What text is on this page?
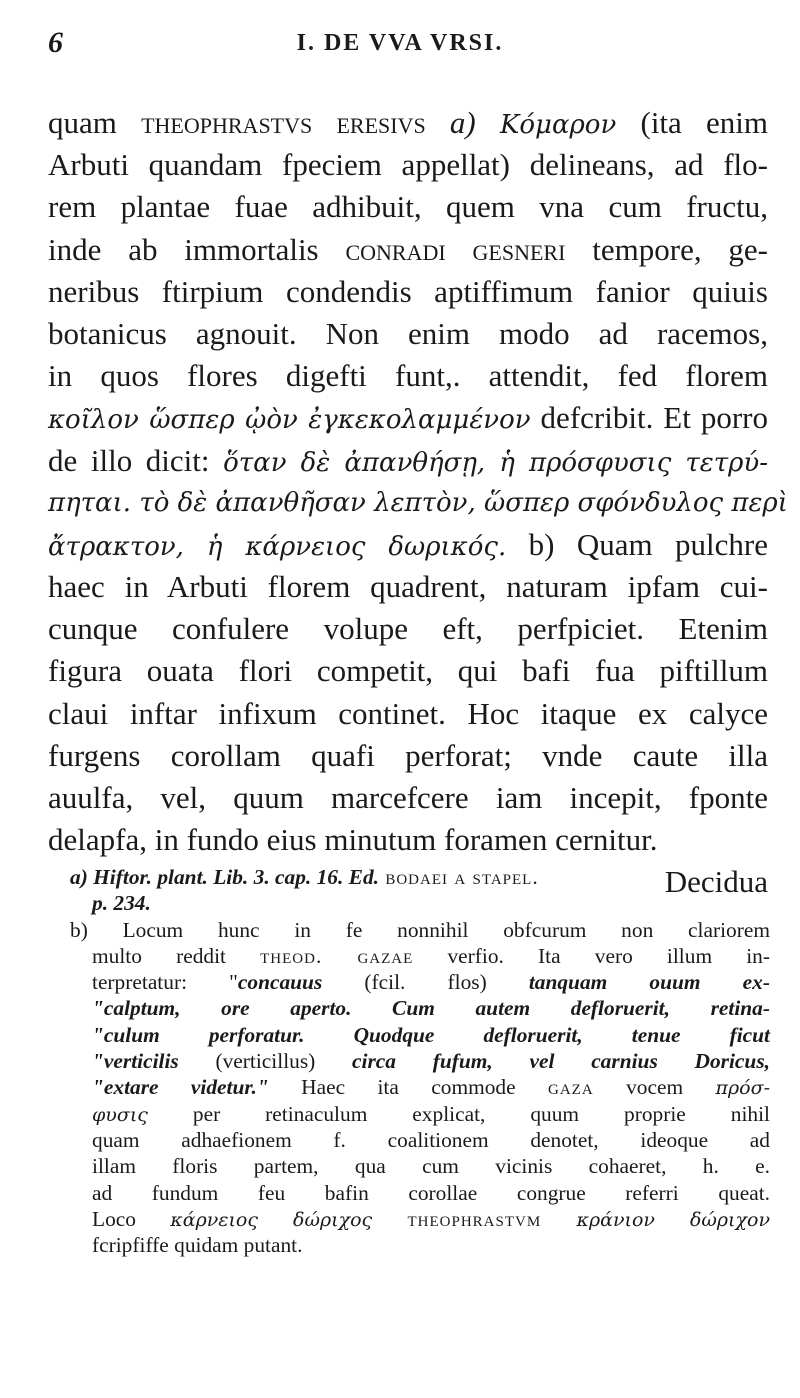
6	I. DE VVA VRSI.
quam theophrastvs eresivs a) Κόμαρον (ita enim
Arbuti quandam fpeciem appellat) delineans, ad flo-
rem plantae fuae adhibuit, quem vna cum fructu,
inde ab immortalis conradi gesneri tempore, ge-
neribus ftirpium condendis aptiffimum fanior quiuis
botanicus agnouit. Non enim modo ad racemos,
in quos flores digefti funt,. attendit, fed florem
κοῖλον ὥσπερ ᾠὸν ἐγκεκολαμμένον defcribit. Et porro
de illo dicit: ὅταν δὲ ἀπανθήσῃ, ἡ πρόσφυσις τετρύ-
πηται. τὸ δὲ ἀπανθῆσαν λεπτὸν, ὥσπερ σφόνδυλος περὶ
ἄτρακτον, ἡ κάρνειος δωρικός. b) Quam pulchre
haec in Arbuti florem quadrent, naturam ipfam cui-
cunque confulere volupe eft, perfpiciet. Etenim
figura ouata flori competit, qui bafi fua piftillum
claui inftar infixum continet. Hoc itaque ex calyce
furgens corollam quafi perforat; vnde caute illa
auulfa, vel, quum marcefcere iam incepit, fponte
delapfa, in fundo eius minutum foramen cernitur.
Decidua
a) Hiftor. plant. Lib. 3. cap. 16. Ed. bodaei a stapel.
p. 234.
b) Locum hunc in fe nonnihil obfcurum non clariorem
multo reddit theod. gazae verfio. Ita vero illum in-
terpretatur: "concauus (fcil. flos) tanquam ouum ex-
"calptum, ore aperto. Cum autem defloruerit, retina-
"culum perforatur. Quodque defloruerit, tenue ficut
"verticilis (verticillus) circa fufum, vel carnius Doricus,
"extare videtur." Haec ita commode gaza vocem πρόσ-
φυσις per retinaculum explicat, quum proprie nihil
quam adhaefionem f. coalitionem denotet, ideoque ad
illam floris partem, qua cum vicinis cohaeret, h. e.
ad fundum feu bafin corollae congrue referri queat.
Loco κάρνειος δώριχος theophrastvm κράνιον δώριχον
fcripfiffe quidam putant.
